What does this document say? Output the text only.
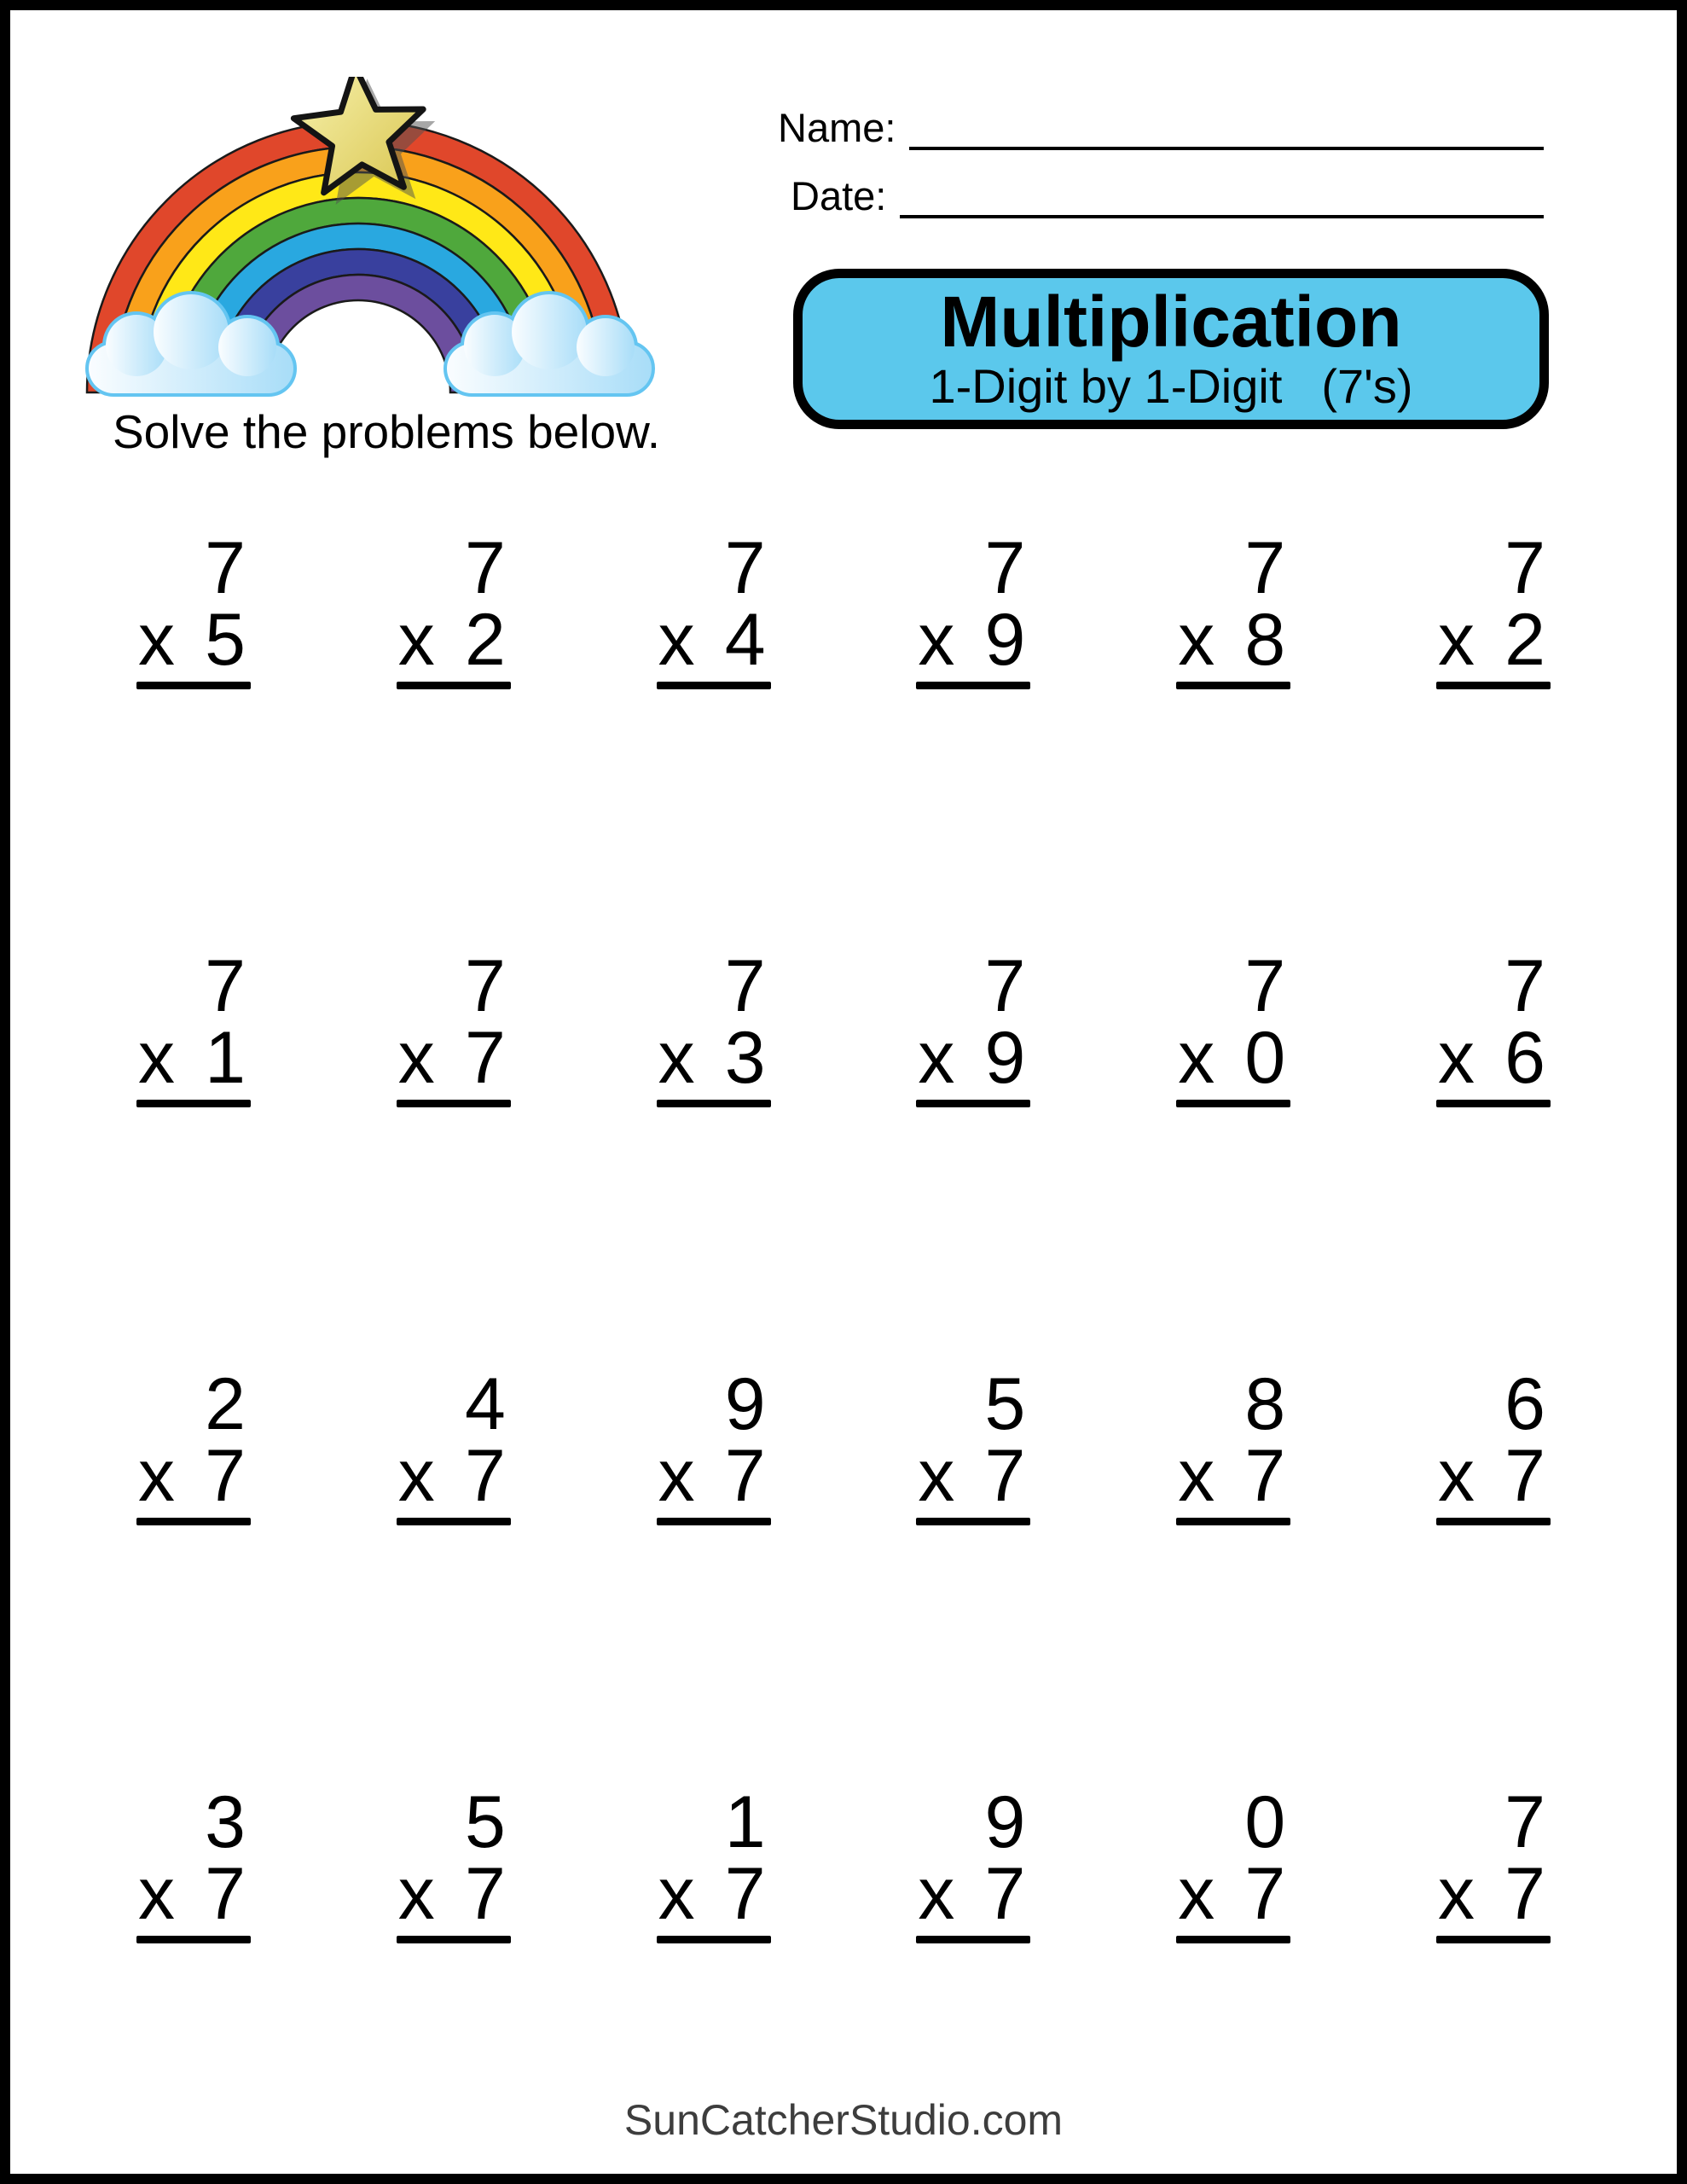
Solve the problems below.
Name:
Date:
Multiplication
1-Digit by 1-Digit (7's)
7
x 5
7
x 2
7
x 4
7
x 9
7
x 8
7
x 2
7
x 1
7
x 7
7
x 3
7
x 9
7
x 0
7
x 6
2
x 7
4
x 7
9
x 7
5
x 7
8
x 7
6
x 7
3
x 7
5
x 7
1
x 7
9
x 7
0
x 7
7
x 7
SunCatcherStudio.com
